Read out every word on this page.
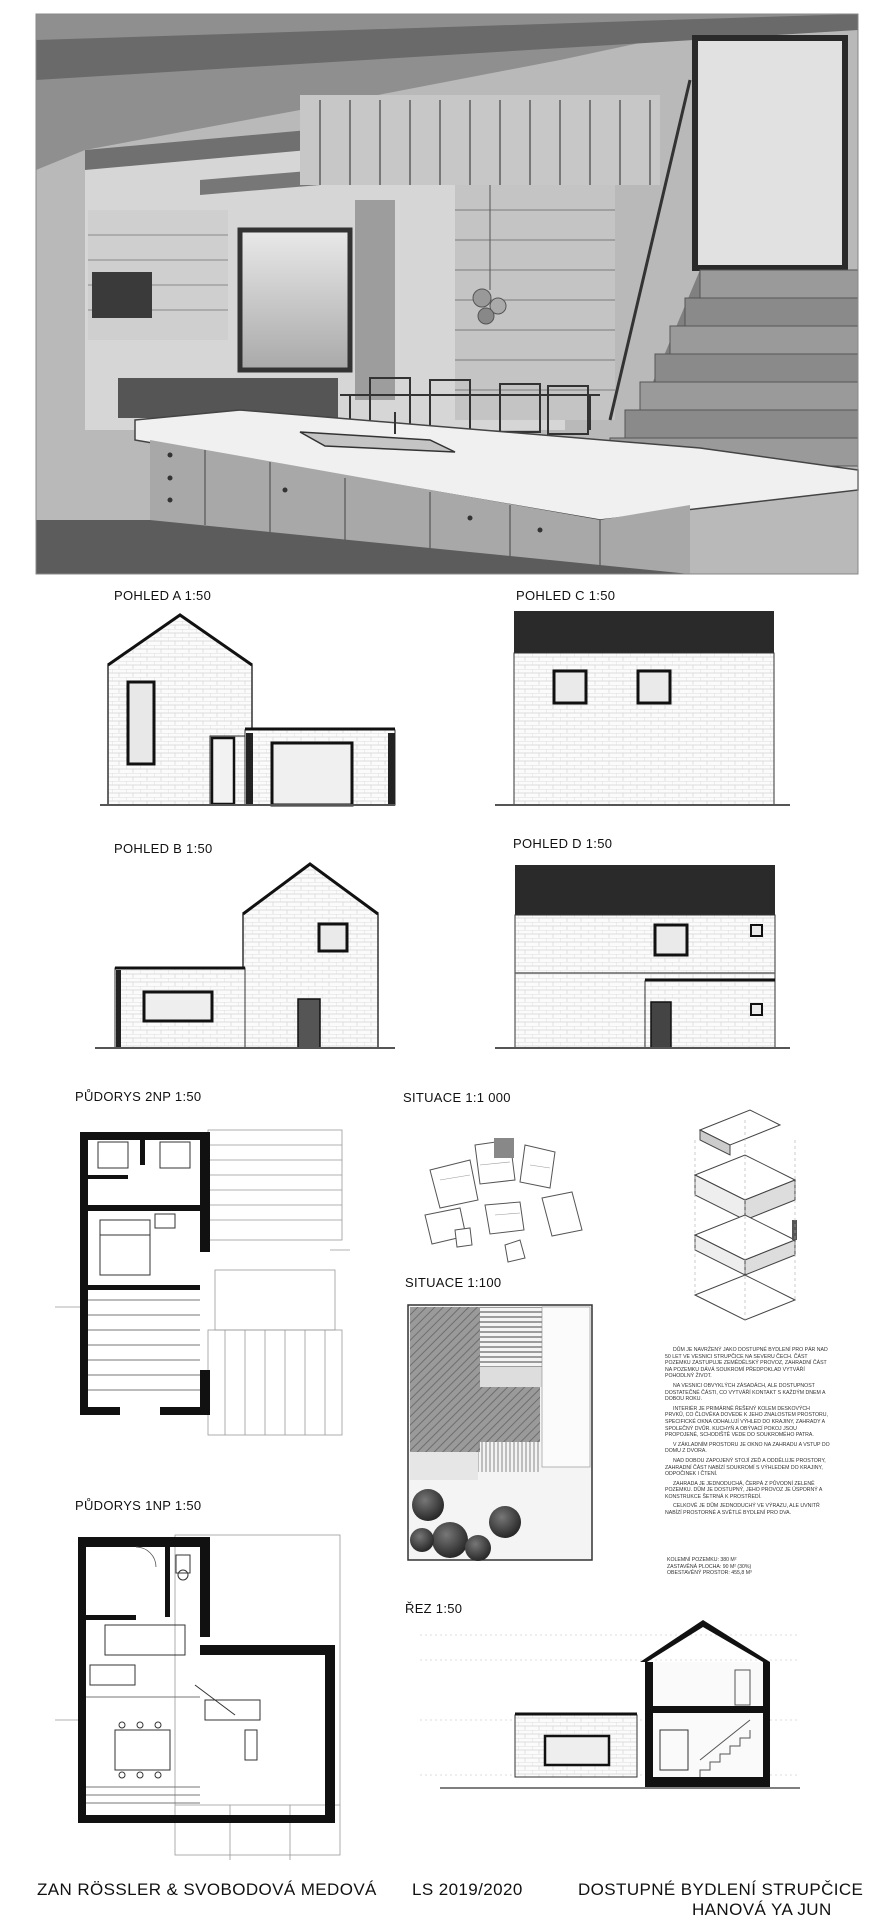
POHLED A 1:50	POHLED C 1:50
POHLED B 1:50	POHLED D 1:50
PŮDORYS 2NP 1:50	SITUACE 1:1 000
SITUACE 1:100
PŮDORYS 1NP 1:50
ŘEZ 1:50

DŮM JE NAVRŽENÝ JAKO DOSTUPNÉ BYDLENÍ PRO PÁR NAD 50 LET VE VESNICI STRUPČICE NA SEVERU ČECH. ČÁST POZEMKU ZASTUPUJE ZEMĚDĚLSKÝ PROVOZ, ZAHRADNÍ ČÁST NA POZEMKU DÁVÁ SOUKROMÍ PŘEDPOKLAD VYTVÁŘÍ POHODLNÝ ŽIVOT.

NA VESNICI OBVYKLÝCH ZÁSADÁCH, ALE DOSTUPNOST DOSTATEČNÉ ČÁSTI, CO VYTVÁŘÍ KONTAKT S KAŽDÝM DNEM A DOBOU ROKU.

INTERIÉR JE PRIMÁRNĚ ŘEŠENÝ KOLEM DESKOVÝCH PRVKŮ, CO ČLOVĚKA DOVEDE K JEHO ZNALOSTEM PROSTORU, SPECIFICKÉ OKNA ODHALUJÍ VÝHLED DO KRAJINY, ZAHRADY A SPOLEČNÝ DVŮR. KUCHYŇ A OBÝVACÍ POKOJ JSOU PROPOJENÉ, SCHODIŠTĚ VEDE DO SOUKROMÉHO PATRA.

V ZÁKLADNÍM PROSTORU JE OKNO NA ZAHRADU A VSTUP DO DOMU Z DVORA.

NAD DOBOU ZAPOJENÝ STOJÍ ZEĎ A ODDĚLUJE PROSTORY, ZAHRADNÍ ČÁST NABÍZÍ SOUKROMÍ S VÝHLEDEM DO KRAJINY, ODPOČINEK I ČTENÍ.

ZAHRADA JE JEDNODUCHÁ, ČERPÁ Z PŮVODNÍ ZELENĚ POZEMKU. DŮM JE DOSTUPNÝ, JEHO PROVOZ JE ÚSPORNÝ A KONSTRUKCE ŠETRNÁ K PROSTŘEDÍ.

CELKOVĚ JE DŮM JEDNODUCHÝ VE VÝRAZU, ALE UVNITŘ NABÍZÍ PROSTORNÉ A SVĚTLÉ BYDLENÍ PRO DVA.

KOLEMNÍ POZEMKU: 380 M²
ZASTAVĚNÁ PLOCHA: 90 M² (30%)
OBESTAVĚNÝ PROSTOR: 455,8 M³
ZAN RÖSSLER & SVOBODOVÁ MEDOVÁ LS 2019/2020	DOSTUPNÉ BYDLENÍ STRUPČICE
HANOVÁ YA JUN
